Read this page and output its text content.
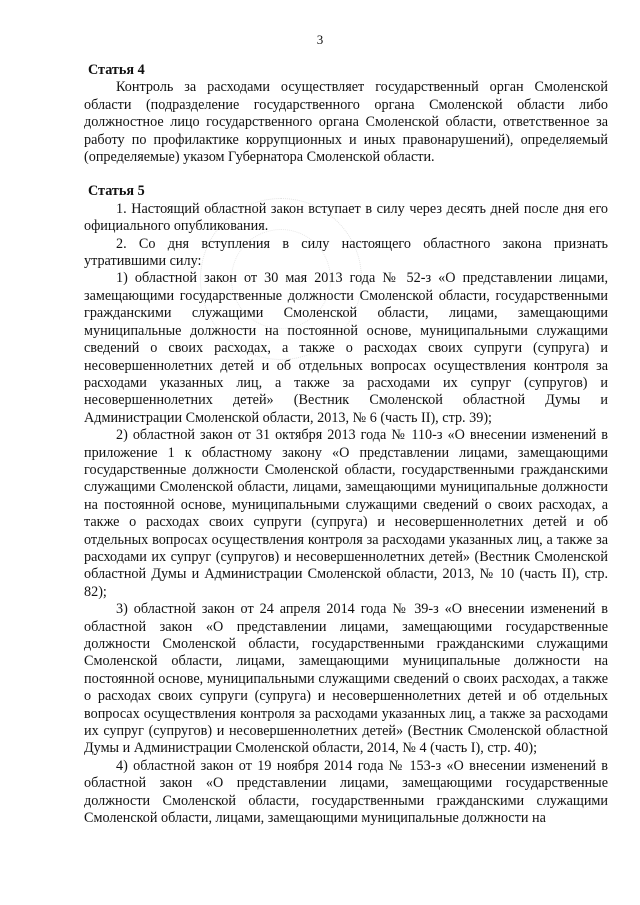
3

Статья 4

Контроль за расходами осуществляет государственный орган Смоленской области (подразделение государственного органа Смоленской области либо должностное лицо государственного органа Смоленской области, ответственное за работу по профилактике коррупционных и иных правонарушений), определяемый (определяемые) указом Губернатора Смоленской области.

Статья 5

1. Настоящий областной закон вступает в силу через десять дней после дня его официального опубликования.

2. Со дня вступления в силу настоящего областного закона признать утратившими силу:

1) областной закон от 30 мая 2013 года № 52-з «О представлении лицами, замещающими государственные должности Смоленской области, государственными гражданскими служащими Смоленской области, лицами, замещающими муниципальные должности на постоянной основе, муниципальными служащими сведений о своих расходах, а также о расходах своих супруги (супруга) и несовершеннолетних детей и об отдельных вопросах осуществления контроля за расходами указанных лиц, а также за расходами их супруг (супругов) и несовершеннолетних детей» (Вестник Смоленской областной Думы и Администрации Смоленской области, 2013, № 6 (часть II), стр. 39);

2) областной закон от 31 октября 2013 года № 110-з «О внесении изменений в приложение 1 к областному закону «О представлении лицами, замещающими государственные должности Смоленской области, государственными гражданскими служащими Смоленской области, лицами, замещающими муниципальные должности на постоянной основе, муниципальными служащими сведений о своих расходах, а также о расходах своих супруги (супруга) и несовершеннолетних детей и об отдельных вопросах осуществления контроля за расходами указанных лиц, а также за расходами их супруг (супругов) и несовершеннолетних детей» (Вестник Смоленской областной Думы и Администрации Смоленской области, 2013, № 10 (часть II), стр. 82);

3) областной закон от 24 апреля 2014 года № 39-з «О внесении изменений в областной закон «О представлении лицами, замещающими государственные должности Смоленской области, государственными гражданскими служащими Смоленской области, лицами, замещающими муниципальные должности на постоянной основе, муниципальными служащими сведений о своих расходах, а также о расходах своих супруги (супруга) и несовершеннолетних детей и об отдельных вопросах осуществления контроля за расходами указанных лиц, а также за расходами их супруг (супругов) и несовершеннолетних детей» (Вестник Смоленской областной Думы и Администрации Смоленской области, 2014, № 4 (часть I), стр. 40);

4) областной закон от 19 ноября 2014 года № 153-з «О внесении изменений в областной закон «О представлении лицами, замещающими государственные должности Смоленской области, государственными гражданскими служащими Смоленской области, лицами, замещающими муниципальные должности на
